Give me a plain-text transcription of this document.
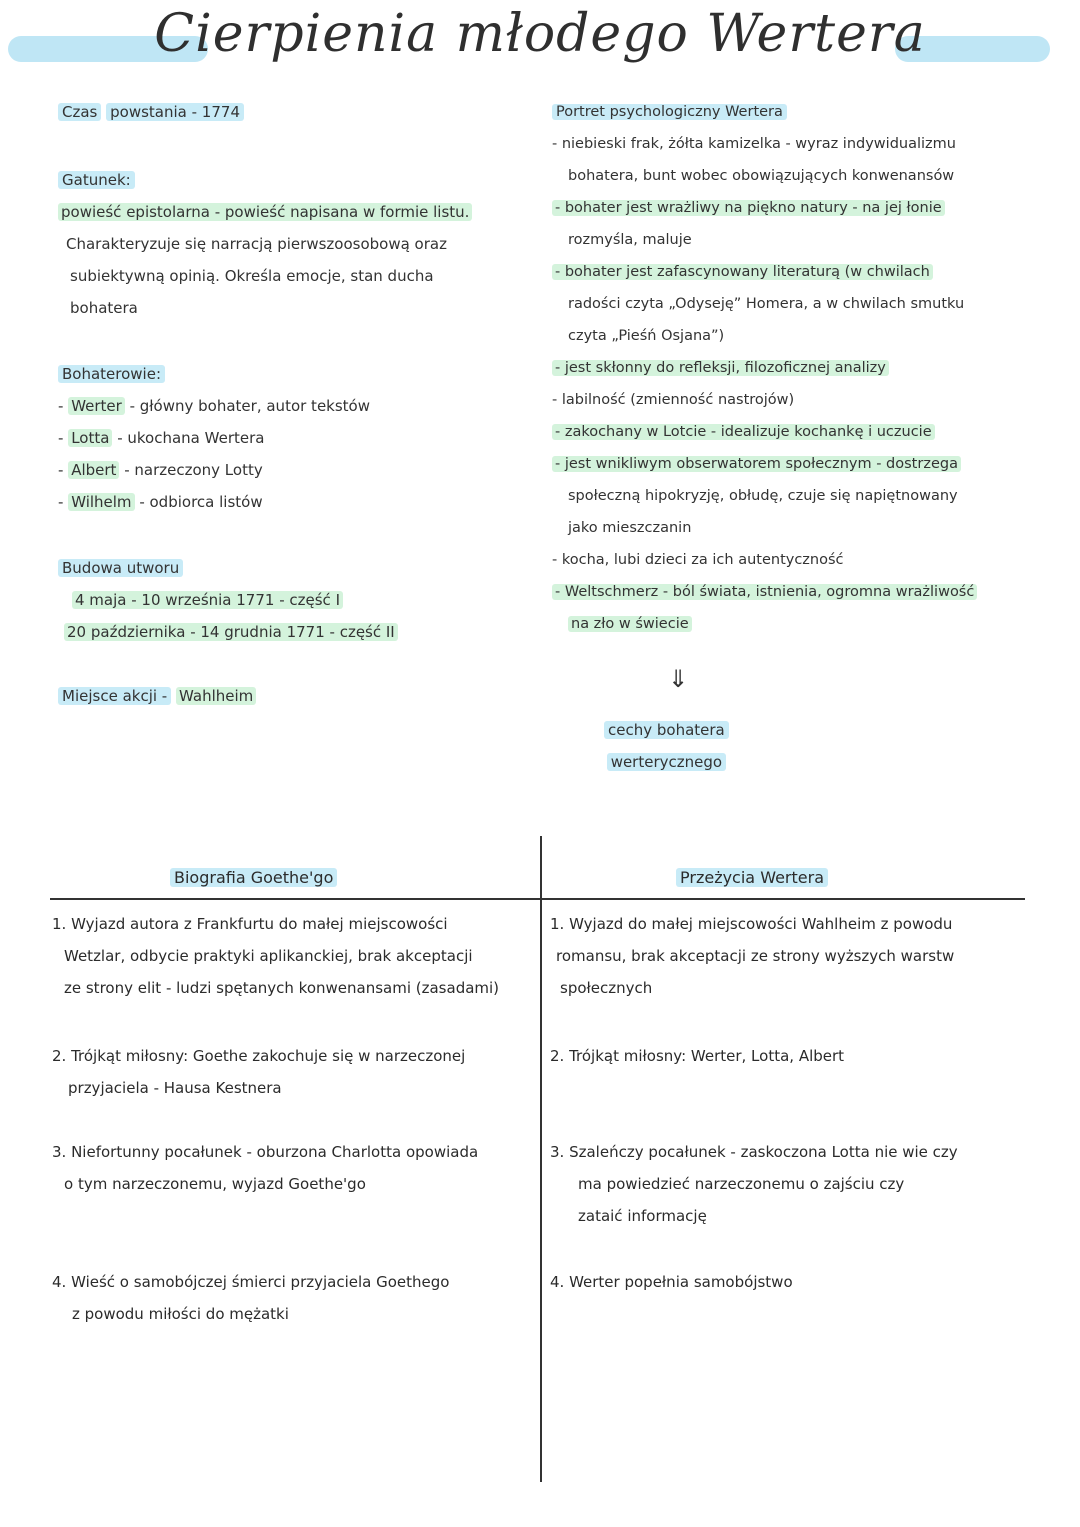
Cierpienia młodego Wertera
Czas powstania - 1774
Gatunek:
powieść epistolarna - powieść napisana w formie listu.
Charakteryzuje się narracją pierwszoosobową oraz
subiektywną opinią. Określa emocje, stan ducha
bohatera
Bohaterowie:
- Werter - główny bohater, autor tekstów
- Lotta - ukochana Wertera
- Albert - narzeczony Lotty
- Wilhelm - odbiorca listów
Budowa utworu
4 maja - 10 września 1771 - część I
20 października - 14 grudnia 1771 - część II
Miejsce akcji - Wahlheim
Portret psychologiczny Wertera
- niebieski frak, żółta kamizelka - wyraz indywidualizmu
bohatera, bunt wobec obowiązujących konwenansów
- bohater jest wrażliwy na piękno natury - na jej łonie
rozmyśla, maluje
- bohater jest zafascynowany literaturą (w chwilach
radości czyta „Odyseję” Homera, a w chwilach smutku
czyta „Pieśń Osjana”)
- jest skłonny do refleksji, filozoficznej analizy
- labilność (zmienność nastrojów)
- zakochany w Lotcie - idealizuje kochankę i uczucie
- jest wnikliwym obserwatorem społecznym - dostrzega
społeczną hipokryzję, obłudę, czuje się napiętnowany
jako mieszczanin
- kocha, lubi dzieci za ich autentyczność
- Weltschmerz - ból świata, istnienia, ogromna wrażliwość
na zło w świecie
⇓
cechy bohatera
werterycznego
Biografia Goethe'go	Przeżycia Wertera
1. Wyjazd autora z Frankfurtu do małej miejscowości
Wetzlar, odbycie praktyki aplikanckiej, brak akceptacji
ze strony elit - ludzi spętanych konwenansami (zasadami)
1. Wyjazd do małej miejscowości Wahlheim z powodu
romansu, brak akceptacji ze strony wyższych warstw
społecznych
2. Trójkąt miłosny: Goethe zakochuje się w narzeczonej
przyjaciela - Hausa Kestnera
2. Trójkąt miłosny: Werter, Lotta, Albert
3. Niefortunny pocałunek - oburzona Charlotta opowiada
o tym narzeczonemu, wyjazd Goethe'go
3. Szaleńczy pocałunek - zaskoczona Lotta nie wie czy
ma powiedzieć narzeczonemu o zajściu czy
zataić informację
4. Wieść o samobójczej śmierci przyjaciela Goethego
z powodu miłości do mężatki
4. Werter popełnia samobójstwo
